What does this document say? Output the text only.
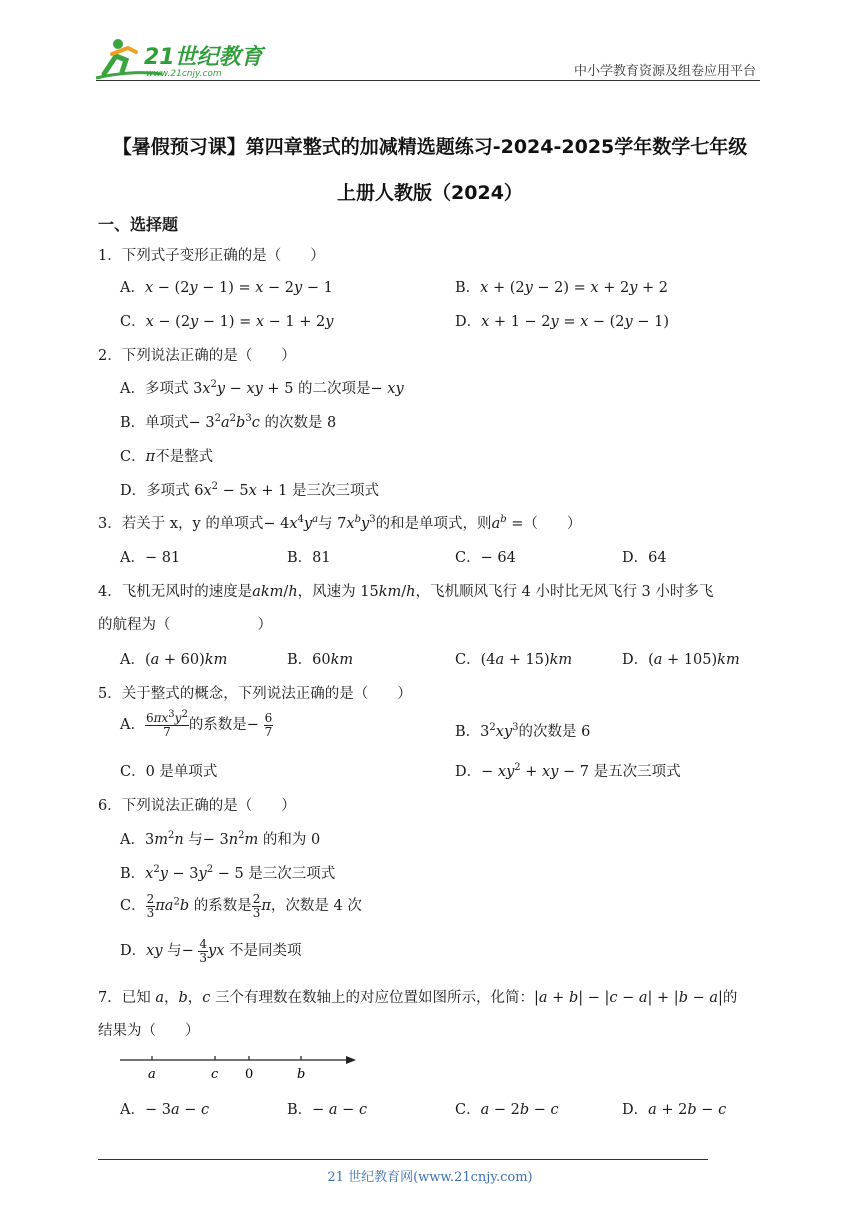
21世纪教育
www.21cnjy.com	中小学教育资源及组卷应用平台
【暑假预习课】第四章整式的加减精选题练习-2024-2025学年数学七年级
上册人教版（2024）
一、选择题
1．下列式子变形正确的是（　　）
A．x − (2y − 1) = x − 2y − 1	B．x + (2y − 2) = x + 2y + 2
C．x − (2y − 1) = x − 1 + 2y	D．x + 1 − 2y = x − (2y − 1)
2．下列说法正确的是（　　）
A．多项式 $3x^2y$ − xy + 5 的二次项是− xy
B．单项式− $3^2a^2b^3c$ 的次数是 8
C．π不是整式
D．多项式 $6x^2 - 5x + 1$ 是三次三项式
3．若关于 x，y 的单项式− $4x^4y^a$与 $7x^by^3$的和是单项式，则$a^b$ =（　　）
A．− 81	B．81	C．− 64	D．64
4．飞机无风时的速度是akm/h，风速为 15km/h，飞机顺风飞行 4 小时比无风飞行 3 小时多飞
的航程为（　　　　　　）
A．(a + 60)km	B．60km	C．(4a + 15)km	D．(a + 105)km
5．关于整式的概念，下列说法正确的是（　　）
A． $\frac{6\pi x^3y^2}{7}$ 的系数是− $\frac{6}{7}$	B．$3^2xy^3$的次数是 6
C．0 是单项式	D．− $xy^2$ + xy − 7 是五次三项式
6．下列说法正确的是（　　）
A．$3m^2n$ 与− $3n^2m$ 的和为 0
B．$x^2y - 3y^2 - 5$ 是三次三项式
C． $\frac{2}{3} \pi a^2b$ 的系数是 $\frac{2}{3}$ π，次数是 4 次
D．xy 与− $\frac{4}{3}$ yx 不是同类项
7．已知 a，b，c 三个有理数在数轴上的对应位置如图所示，化简：|a + b| − |c − a| + |b − a|的
结果为（　　）
a	c 0	b
A．− 3a − c	B．− a − c	C．a − 2b − c	D．a + 2b − c
21 世纪教育网(www.21cnjy.com)
